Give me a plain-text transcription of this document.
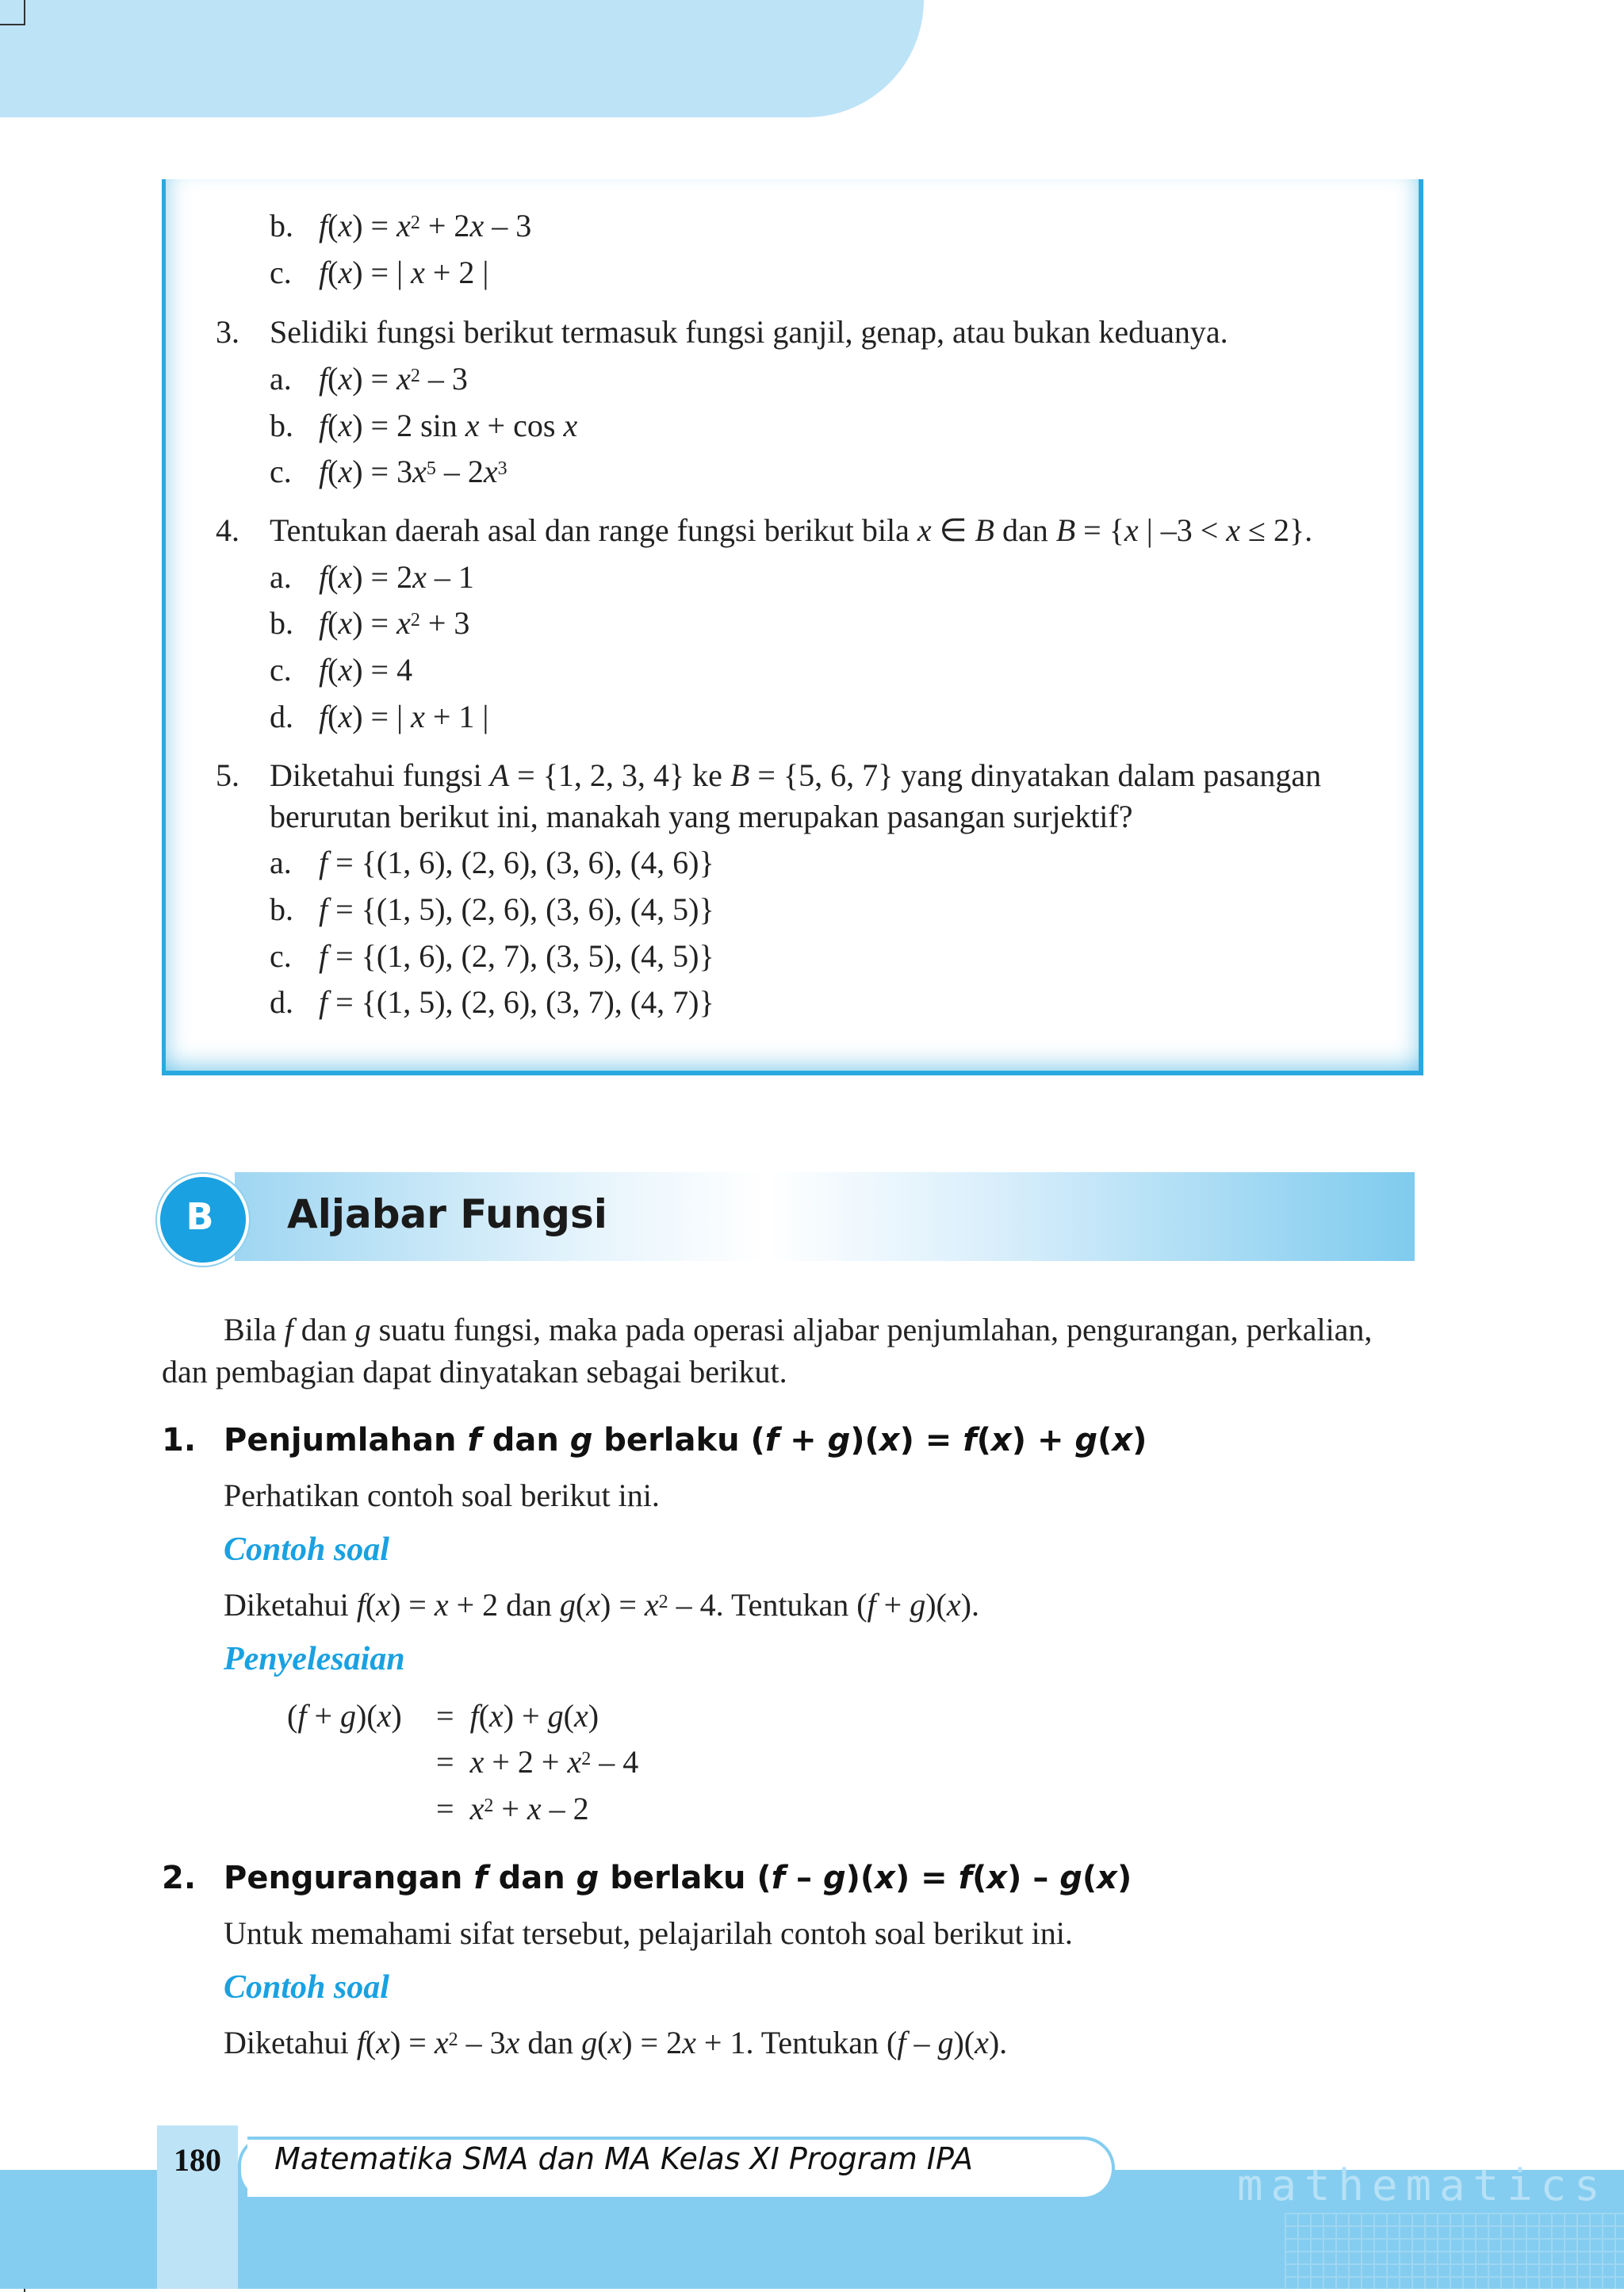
b. $f(x) = x^2 + 2x - 3$
c. f(x) = | x + 2 |
3. Selidiki fungsi berikut termasuk fungsi ganjil, genap, atau bukan keduanya.
a. $f(x) = x^2 - 3$
b. f(x) = 2 sin x + cos x
c. $f(x) = 3x^5 - 2x^3$
4. Tentukan daerah asal dan range fungsi berikut bila x ∈ B dan B = {x | –3 < x ≤ 2}.
a. f(x) = 2x – 1
b. $f(x) = x^2 + 3$
c. f(x) = 4
d. f(x) = | x + 1 |
5. Diketahui fungsi A = {1, 2, 3, 4} ke B = {5, 6, 7} yang dinyatakan dalam pasangan
berurutan berikut ini, manakah yang merupakan pasangan surjektif?
a. f = {(1, 6), (2, 6), (3, 6), (4, 6)}
b. f = {(1, 5), (2, 6), (3, 6), (4, 5)}
c. f = {(1, 6), (2, 7), (3, 5), (4, 5)}
d. f = {(1, 5), (2, 6), (3, 7), (4, 7)}
B	Aljabar Fungsi
Bila f dan g suatu fungsi, maka pada operasi aljabar penjumlahan, pengurangan, perkalian,
dan pembagian dapat dinyatakan sebagai berikut.
1. Penjumlahan f dan g berlaku (f + g)(x) = f(x) + g(x)
Perhatikan contoh soal berikut ini.
Contoh soal
Diketahui f(x) = x + 2 dan $g(x) = x^2 - 4$. Tentukan (f + g)(x).
Penyelesaian
(f + g)(x) =  f(x) + g(x)
=  $x + 2 + x^2 - 4$
=  $x^2 + x - 2$
2. Pengurangan f dan g berlaku (f – g)(x) = f(x) – g(x)
Untuk memahami sifat tersebut, pelajarilah contoh soal berikut ini.
Contoh soal
Diketahui $f(x) = x^2 - 3x$ dan g(x) = 2x + 1. Tentukan (f – g)(x).
mathematics
180	Matematika SMA dan MA Kelas XI Program IPA
